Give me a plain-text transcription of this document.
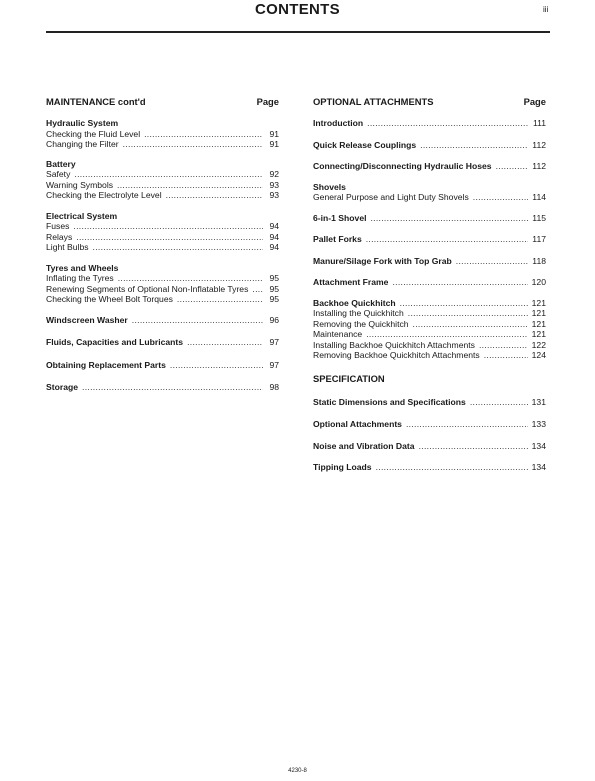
CONTENTS	iii
MAINTENANCE cont'd	Page
Hydraulic System
Checking the Fluid Level .....	91
Changing the Filter .....	91
Battery
Safety .....	92
Warning Symbols .....	93
Checking the Electrolyte Level .....	93
Electrical System
Fuses .....	94
Relays .....	94
Light Bulbs .....	94
Tyres and Wheels
Inflating the Tyres .....	95
Renewing Segments of Optional Non-Inflatable Tyres ..... 95
Checking the Wheel Bolt Torques .....	95
Windscreen Washer .....	96
Fluids, Capacities and Lubricants .....	97
Obtaining Replacement Parts .....	97
Storage .....	98
OPTIONAL ATTACHMENTS	Page
Introduction .....	111
Quick Release Couplings .....	112
Connecting/Disconnecting Hydraulic Hoses .....	112
Shovels
General Purpose and Light Duty Shovels .....	114
6-in-1 Shovel .....	115
Pallet Forks .....	117
Manure/Silage Fork with Top Grab .....	118
Attachment Frame .....	120
Backhoe Quickhitch .....	121
Installing the Quickhitch .....	121
Removing the Quickhitch .....	121
Maintenance .....	121
Installing Backhoe Quickhitch Attachments .....	122
Removing Backhoe Quickhitch Attachments .....	124
SPECIFICATION
Static Dimensions and Specifications .....	131
Optional Attachments .....	133
Noise and Vibration Data .....	134
Tipping Loads .....	134
4230-8
